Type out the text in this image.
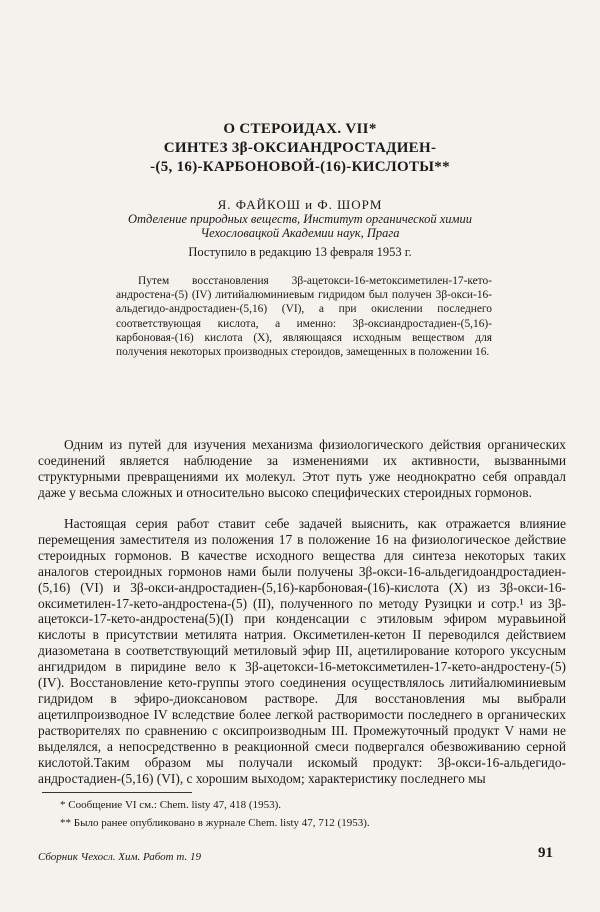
О СТЕРОИДАХ. VII*
СИНТЕЗ 3β-ОКСИАНДРОСТАДИЕН-
-(5, 16)-КАРБОНОВОЙ-(16)-КИСЛОТЫ**
Я. ФАЙКОШ и Ф. ШОРМ
Отделение природных веществ, Институт органической химии
Чехословацкой Академии наук, Прага
Поступило в редакцию 13 февраля 1953 г.
Путем восстановления 3β-ацетокси-16-метоксиметилен-17-кето-андростена-(5) (IV) литийалюминиевым гидридом был получен 3β-окси-16-альдегидо-андростадиен-(5,16) (VI), а при окислении последнего соответствующая кислота, а именно: 3β-оксиандростадиен-(5,16)-карбоновая-(16) кислота (X), являющаяся исходным веществом для получения некоторых производных стероидов, замещенных в положении 16.
Одним из путей для изучения механизма физиологического действия органических соединений является наблюдение за изменениями их активности, вызванными структурными превращениями их молекул. Этот путь уже неоднократно себя оправдал даже у весьма сложных и относительно высоко специфических стероидных гормонов.
Настоящая серия работ ставит себе задачей выяснить, как отражается влияние перемещения заместителя из положения 17 в положение 16 на физиологическое действие стероидных гормонов. В качестве исходного вещества для синтеза некоторых таких аналогов стероидных гормонов нами были получены 3β-окси-16-альдегидоандростадиен-(5,16) (VI) и 3β-окси-андростадиен-(5,16)-карбоновая-(16)-кислота (X) из 3β-окси-16-оксиметилен-17-кето-андростена-(5) (II), полученного по методу Рузицки и сотр.¹ из 3β-ацетокси-17-кето-андростена(5)(I) при конденсации с этиловым эфиром муравьиной кислоты в присутствии метилята натрия. Оксиметилен-кетон II переводился действием диазометана в соответствующий метиловый эфир III, ацетилирование которого уксусным ангидридом в пиридине вело к 3β-ацетокси-16-метоксиметилен-17-кето-андростену-(5) (IV). Восстановление кето-группы этого соединения осуществлялось литийалюминиевым гидридом в эфиро-диоксановом растворе. Для восстановления мы выбрали ацетилпроизводное IV вследствие более легкой растворимости последнего в органических растворителях по сравнению с оксипроизводным III. Промежуточный продукт V нами не выделялся, а непосредственно в реакционной смеси подвергался обезвоживанию серной кислотой.Таким образом мы получали искомый продукт: 3β-окси-16-альдегидо-андростадиен-(5,16) (VI), с хорошим выходом; характеристику последнего мы
* Сообщение VI см.: Chem. listy 47, 418 (1953).
** Было ранее опубликовано в журнале Chem. listy 47, 712 (1953).
Сборник Чехосл. Хим. Работ т. 19	91
